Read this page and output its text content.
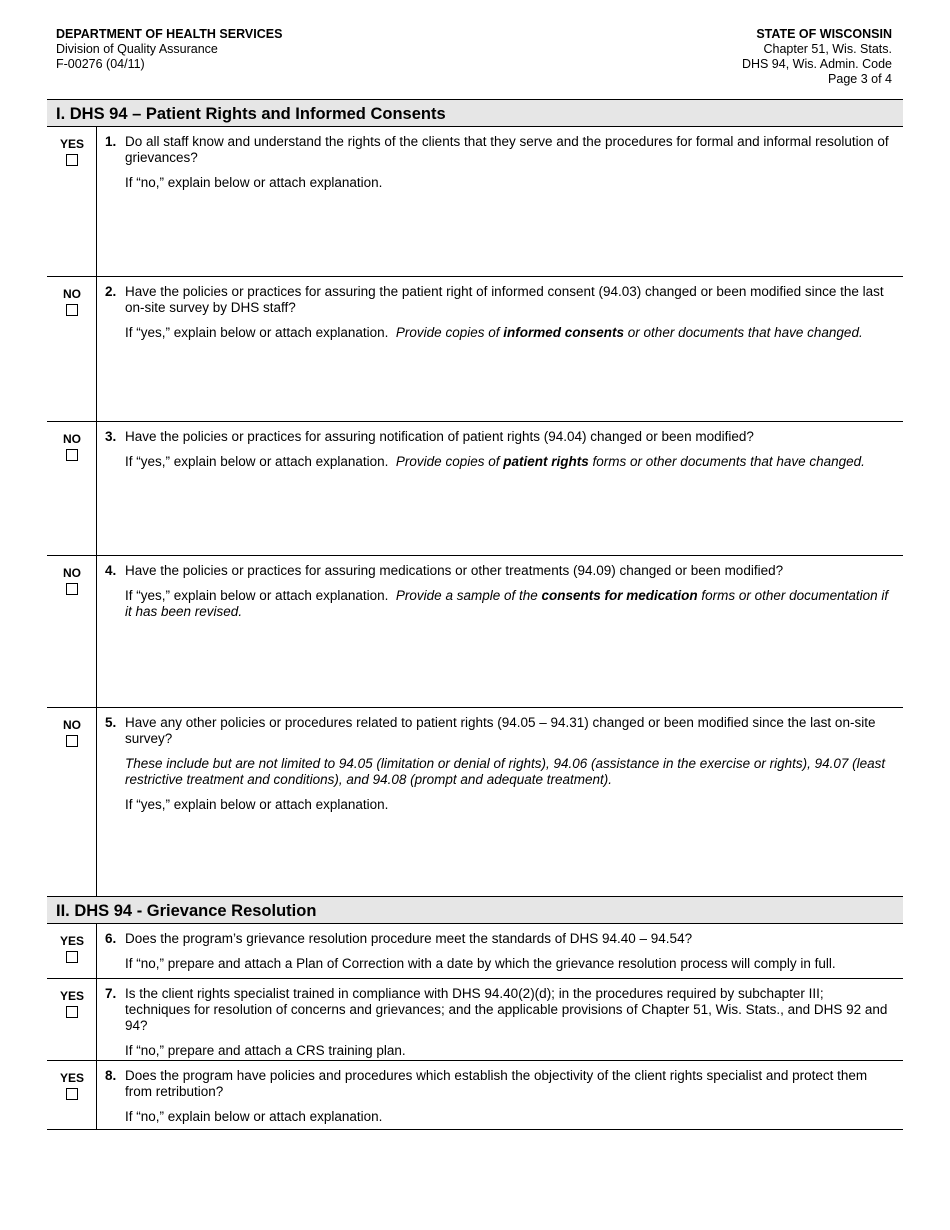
DEPARTMENT OF HEALTH SERVICES
Division of Quality Assurance
F-00276 (04/11)
STATE OF WISCONSIN
Chapter 51, Wis. Stats.
DHS 94, Wis. Admin. Code
Page 3 of 4
I. DHS 94 – Patient Rights and Informed Consents
YES	1. Do all staff know and understand the rights of the clients that they serve and the procedures for formal and informal resolution of grievances?
If “no,” explain below or attach explanation.
NO	2. Have the policies or practices for assuring the patient right of informed consent (94.03) changed or been modified since the last on-site survey by DHS staff?
If “yes,” explain below or attach explanation. Provide copies of informed consents or other documents that have changed.
NO	3. Have the policies or practices for assuring notification of patient rights (94.04) changed or been modified?
If “yes,” explain below or attach explanation. Provide copies of patient rights forms or other documents that have changed.
NO	4. Have the policies or practices for assuring medications or other treatments (94.09) changed or been modified?
If “yes,” explain below or attach explanation. Provide a sample of the consents for medication forms or other documentation if it has been revised.
NO	5. Have any other policies or procedures related to patient rights (94.05 – 94.31) changed or been modified since the last on-site survey?
These include but are not limited to 94.05 (limitation or denial of rights), 94.06 (assistance in the exercise or rights), 94.07 (least restrictive treatment and conditions), and 94.08 (prompt and adequate treatment).
If “yes,” explain below or attach explanation.
II. DHS 94 - Grievance Resolution
YES	6. Does the program’s grievance resolution procedure meet the standards of DHS 94.40 – 94.54?
If “no,” prepare and attach a Plan of Correction with a date by which the grievance resolution process will comply in full.
YES	7. Is the client rights specialist trained in compliance with DHS 94.40(2)(d); in the procedures required by subchapter III; techniques for resolution of concerns and grievances; and the applicable provisions of Chapter 51, Wis. Stats., and DHS 92 and 94?
If “no,” prepare and attach a CRS training plan.
YES	8. Does the program have policies and procedures which establish the objectivity of the client rights specialist and protect them from retribution?
If “no,” explain below or attach explanation.
